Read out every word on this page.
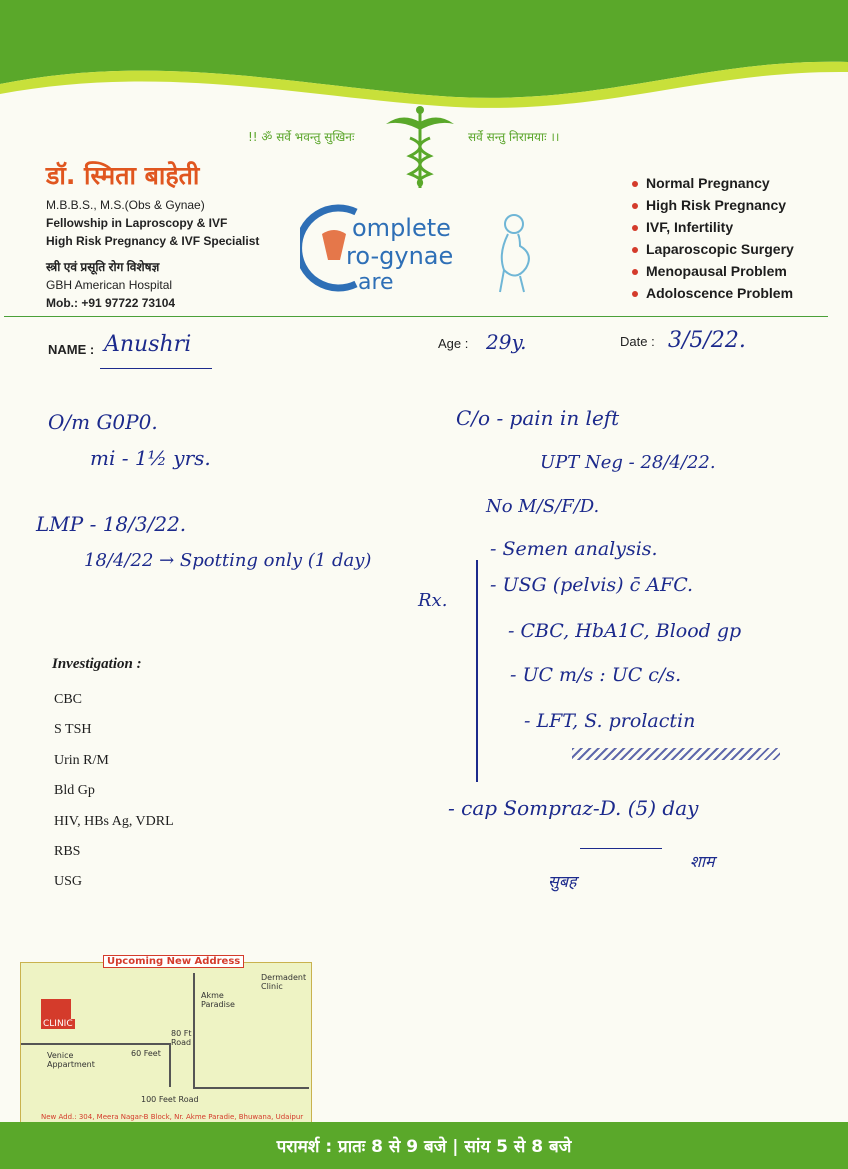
!! ॐ सर्वे भवन्तु सुखिनः	सर्वे सन्तु निरामयाः ।।
डॉ. स्मिता बाहेती
M.B.B.S., M.S.(Obs & Gynae)
Fellowship in Laproscopy & IVF
High Risk Pregnancy & IVF Specialist
स्त्री एवं प्रसूति रोग विशेषज्ञ
GBH American Hospital
Mob.: +91 97722 73104
omplete
ro-gynae
are
Normal Pregnancy
High Risk Pregnancy
IVF, Infertility
Laparoscopic Surgery
Menopausal Problem
Adoloscence Problem
NAME : Anushri	Age : 29y.	Date : 3/5/22.
O/m G0P0.
mi - 1½ yrs.
LMP - 18/3/22.
18/4/22 → Spotting only (1 day)
C/o - pain in left
UPT Neg - 28/4/22.
No M/S/F/D.
Rx.
- Semen analysis.
- USG (pelvis) c̄ AFC.
- CBC, HbA1C, Blood gp
- UC m/s : UC c/s.
- LFT, S. prolactin
- cap Sompraz-D. (5) day
सुबह
शाम
Investigation :
CBC
S TSH
Urin R/M
Bld Gp
HIV, HBs Ag, VDRL
RBS
USG
Upcoming New Address
CLINIC
Akme Paradise
Dermadent Clinic
80 Ft Road
60 Feet
100 Feet Road
Venice Appartment
New Add.: 304, Meera Nagar-B Block, Nr. Akme Paradie, Bhuwana, Udaipur
परामर्श : प्रातः 8 से 9 बजे | सांय 5 से 8 बजे
